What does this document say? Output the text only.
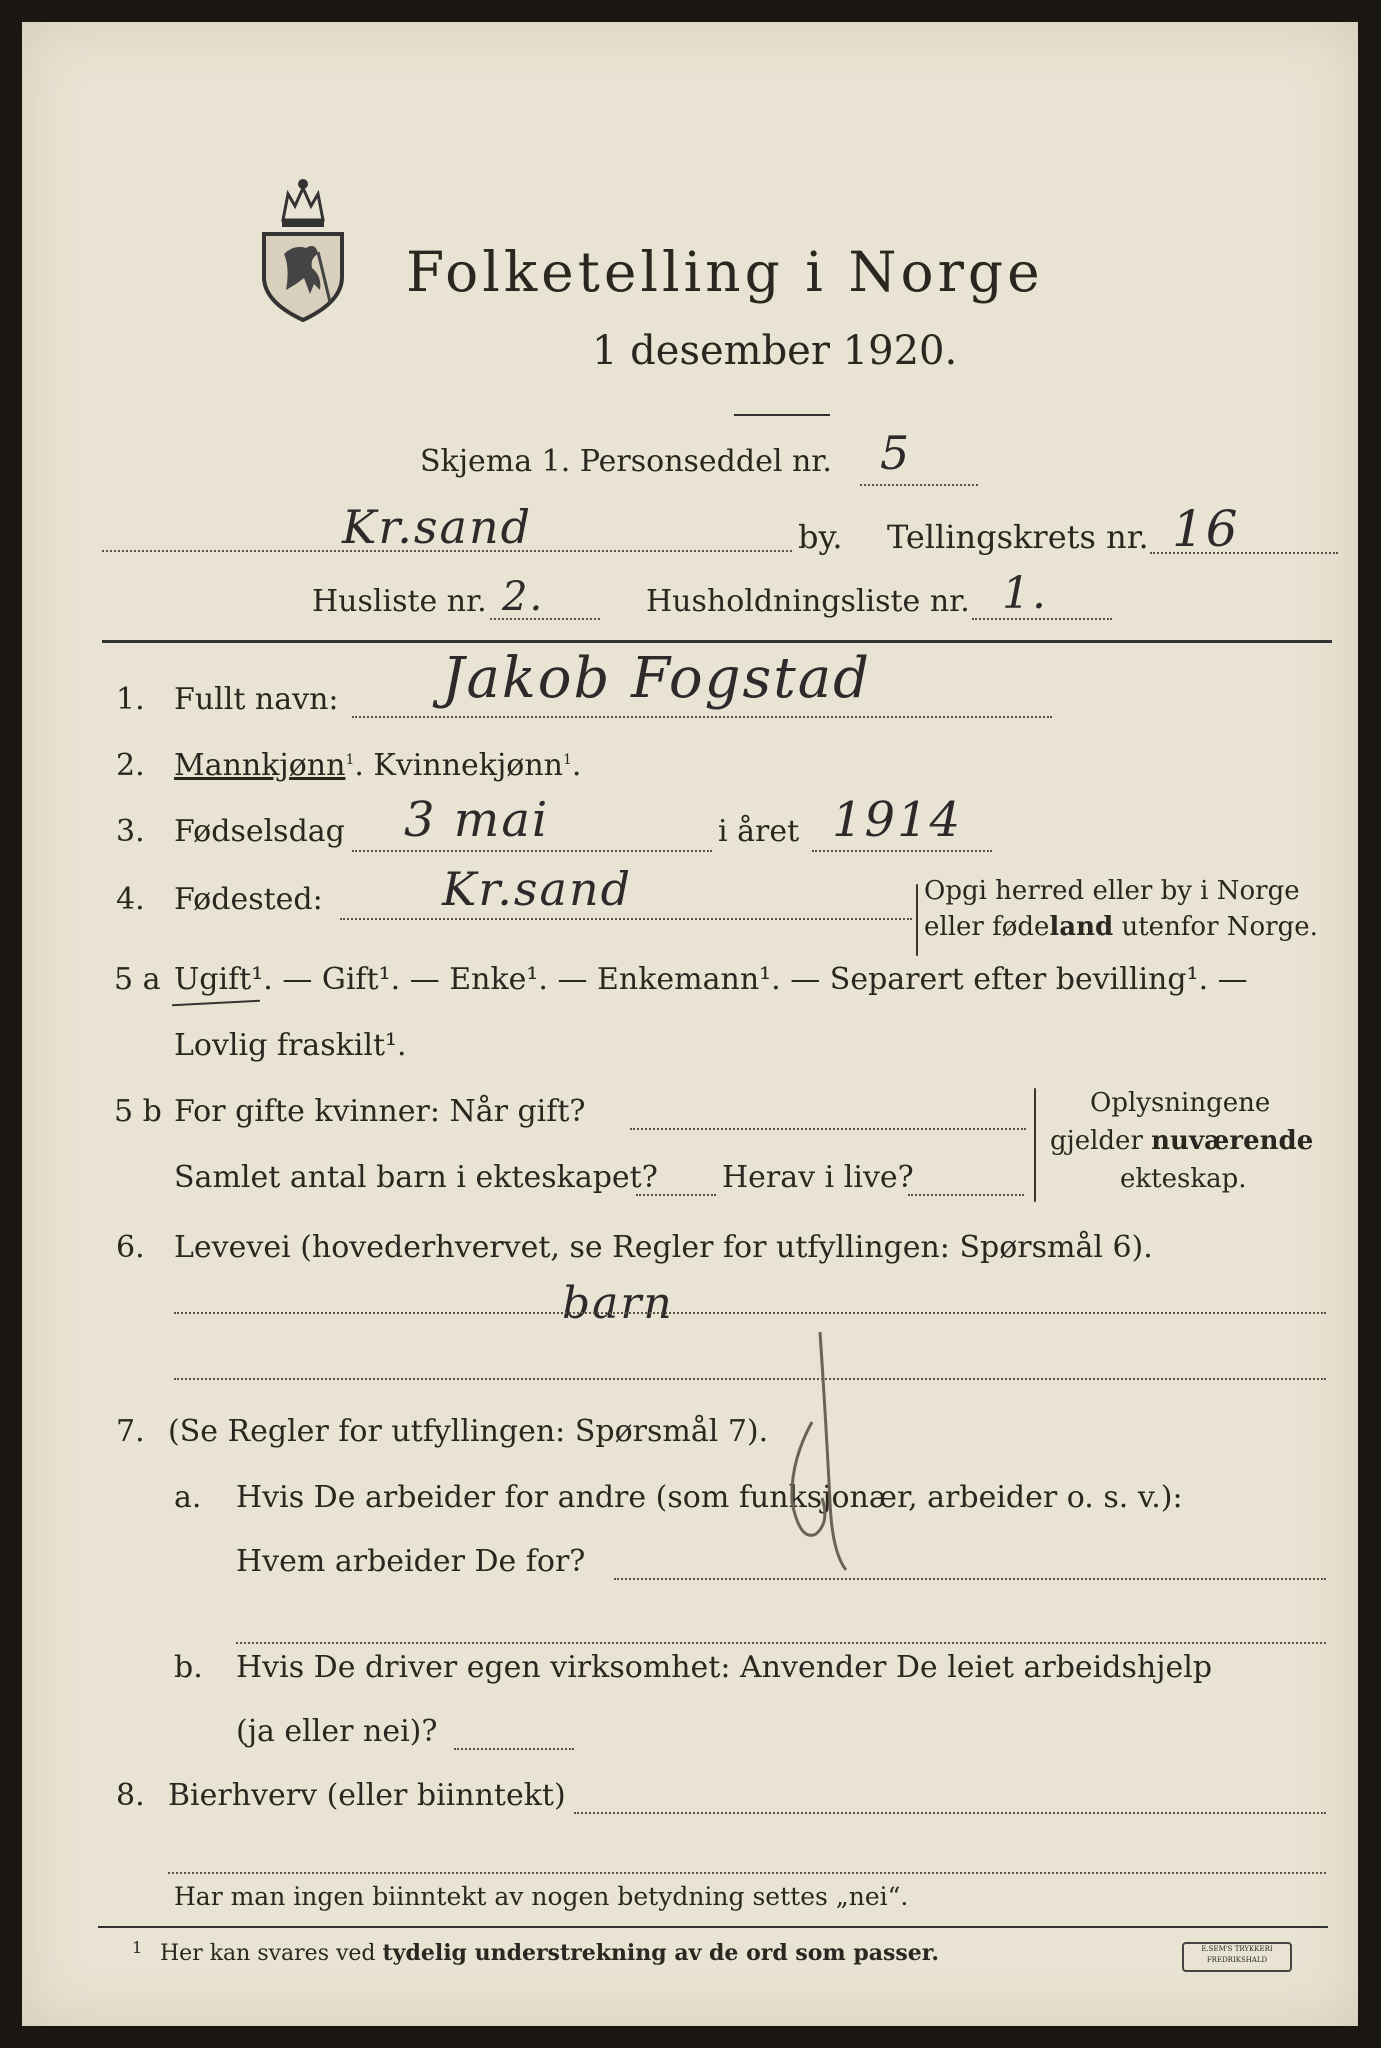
Folketelling i Norge
1 desember 1920.
Skjema 1. Personseddel nr. 5
Kr.sand	by. Tellingskrets nr. 16
Husliste nr. 2.	Husholdningsliste nr. 1.
1. Fullt navn: Jakob Fogstad
2. Mannkjønn$^1$. Kvinnekjønn$^1$.
3. Fødselsdag 3 mai	i året 1914
4. Fødested:	Kr.sand	Opgi herred eller by i Norge
eller fødeland utenfor Norge.
5 a Ugift¹. — Gift¹. — Enke¹. — Enkemann¹. — Separert efter bevilling¹. —
Lovlig fraskilt¹.
5 b For gifte kvinner: Når gift?
Samlet antal barn i ekteskapet? Herav i live?
Oplysningene
gjelder nuværende
ekteskap.
6. Levevei (hovederhvervet, se Regler for utfyllingen: Spørsmål 6).
barn
7. (Se Regler for utfyllingen: Spørsmål 7).
a. Hvis De arbeider for andre (som funksjonær, arbeider o. s. v.):
Hvem arbeider De for?
b. Hvis De driver egen virksomhet: Anvender De leiet arbeidshjelp
(ja eller nei)?
8. Bierhverv (eller biinntekt)
Har man ingen biinntekt av nogen betydning settes „nei“.
1 Her kan svares ved tydelig understrekning av de ord som passer.	E.SEM'S TRYKKERI
FREDRIKSHALD
